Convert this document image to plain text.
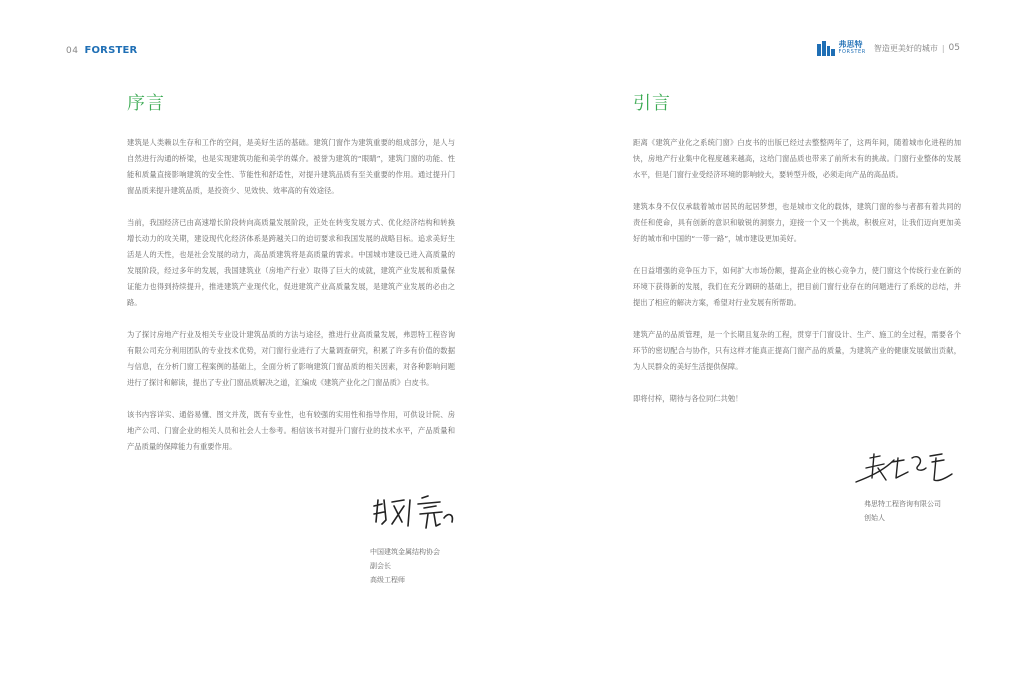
04 FORSTER
序言

建筑是人类赖以生存和工作的空间，是美好生活的基础。建筑门窗作为建筑重要的组成部分，是人与自然进行沟通的桥梁，也是实现建筑功能和美学的媒介。被誉为建筑的“眼睛”，建筑门窗的功能、性能和质量直接影响建筑的安全性、节能性和舒适性，对提升建筑品质有至关重要的作用。通过提升门窗品质来提升建筑品质，是投资少、见效快、效率高的有效途径。

当前，我国经济已由高速增长阶段转向高质量发展阶段，正处在转变发展方式、优化经济结构和转换增长动力的攻关期，建设现代化经济体系是跨越关口的迫切要求和我国发展的战略目标。追求美好生活是人的天性，也是社会发展的动力，高品质建筑将是高质量的需求。中国城市建设已进入高质量的发展阶段，经过多年的发展，我国建筑业（房地产行业）取得了巨大的成就，建筑产业发展和质量保证能力也得到持续提升，推进建筑产业现代化，促进建筑产业高质量发展，是建筑产业发展的必由之路。

为了探讨房地产行业及相关专业设计建筑品质的方法与途径，推进行业高质量发展，弗思特工程咨询有限公司充分利用团队的专业技术优势，对门窗行业进行了大量调查研究，积累了许多有价值的数据与信息，在分析门窗工程案例的基础上，全面分析了影响建筑门窗品质的相关因素，对各种影响问题进行了探讨和解读，提出了专业门窗品质解决之道，汇编成《建筑产业化之门窗品质》白皮书。

该书内容详实、通俗易懂、图文并茂，既有专业性，也有较强的实用性和指导作用，可供设计院、房地产公司、门窗企业的相关人员和社会人士参考。相信该书对提升门窗行业的技术水平，产品质量和产品质量的保障能力有重要作用。

中国建筑金属结构协会
副会长
高级工程师
弗思特
FORSTER 智造更美好的城市 | 05
引言

距离《建筑产业化之系统门窗》白皮书的出版已经过去整整两年了，这两年间，随着城市化进程的加快，房地产行业集中化程度越来越高，这给门窗品质也带来了前所未有的挑战。门窗行业整体的发展水平，但是门窗行业受经济环境的影响较大，要转型升级，必须走向产品的高品质。

建筑本身不仅仅承载着城市居民的起居梦想，也是城市文化的载体，建筑门窗的参与者都有着共同的责任和使命，具有创新的意识和敏锐的洞察力，迎接一个又一个挑战，积极应对，让我们迈向更加美好的城市和中国的“一带一路”，城市建设更加美好。

在日益增强的竞争压力下，如何扩大市场份额，提高企业的核心竞争力，使门窗这个传统行业在新的环境下获得新的发展，我们在充分调研的基础上，把目前门窗行业存在的问题进行了系统的总结，并提出了相应的解决方案，希望对行业发展有所帮助。

建筑产品的品质管理，是一个长期且复杂的工程，贯穿于门窗设计、生产、施工的全过程，需要各个环节的密切配合与协作，只有这样才能真正提高门窗产品的质量，为建筑产业的健康发展做出贡献，为人民群众的美好生活提供保障。

即将付梓，期待与各位同仁共勉！

弗思特工程咨询有限公司
创始人
